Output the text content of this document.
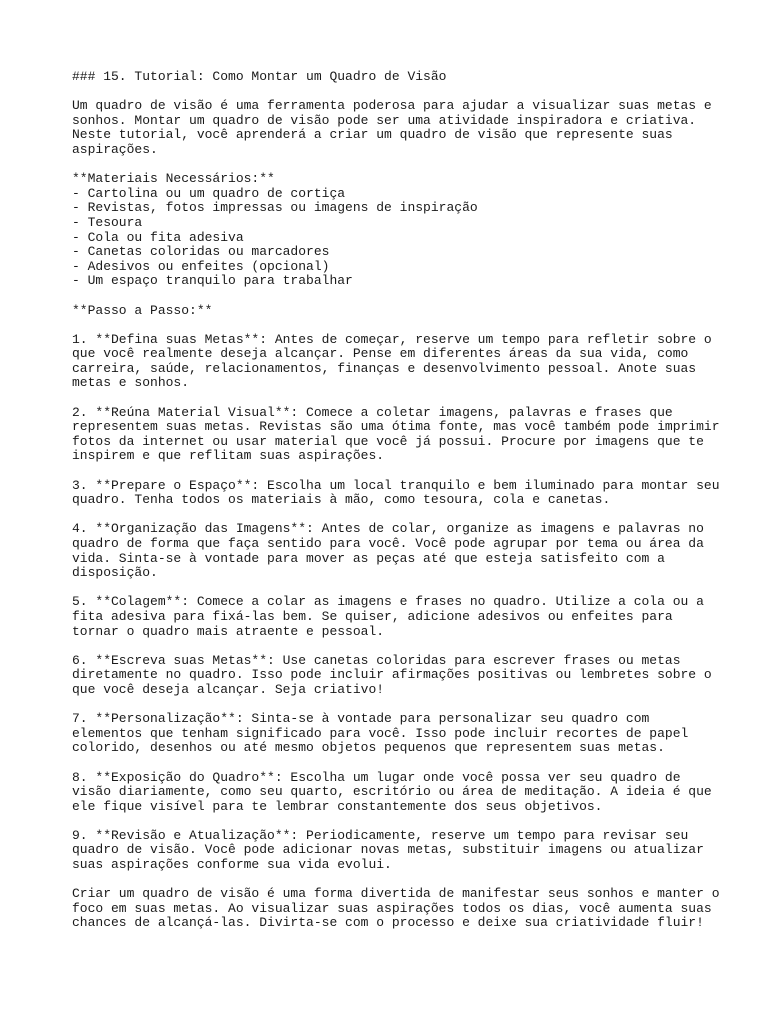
### 15. Tutorial: Como Montar um Quadro de Visão
Um quadro de visão é uma ferramenta poderosa para ajudar a visualizar suas metas e
sonhos. Montar um quadro de visão pode ser uma atividade inspiradora e criativa.
Neste tutorial, você aprenderá a criar um quadro de visão que represente suas
aspirações.
**Materiais Necessários:**
- Cartolina ou um quadro de cortiça
- Revistas, fotos impressas ou imagens de inspiração
- Tesoura
- Cola ou fita adesiva
- Canetas coloridas ou marcadores
- Adesivos ou enfeites (opcional)
- Um espaço tranquilo para trabalhar
**Passo a Passo:**
1. **Defina suas Metas**: Antes de começar, reserve um tempo para refletir sobre o
que você realmente deseja alcançar. Pense em diferentes áreas da sua vida, como
carreira, saúde, relacionamentos, finanças e desenvolvimento pessoal. Anote suas
metas e sonhos.
2. **Reúna Material Visual**: Comece a coletar imagens, palavras e frases que
representem suas metas. Revistas são uma ótima fonte, mas você também pode imprimir
fotos da internet ou usar material que você já possui. Procure por imagens que te
inspirem e que reflitam suas aspirações.
3. **Prepare o Espaço**: Escolha um local tranquilo e bem iluminado para montar seu
quadro. Tenha todos os materiais à mão, como tesoura, cola e canetas.
4. **Organização das Imagens**: Antes de colar, organize as imagens e palavras no
quadro de forma que faça sentido para você. Você pode agrupar por tema ou área da
vida. Sinta-se à vontade para mover as peças até que esteja satisfeito com a
disposição.
5. **Colagem**: Comece a colar as imagens e frases no quadro. Utilize a cola ou a
fita adesiva para fixá-las bem. Se quiser, adicione adesivos ou enfeites para
tornar o quadro mais atraente e pessoal.
6. **Escreva suas Metas**: Use canetas coloridas para escrever frases ou metas
diretamente no quadro. Isso pode incluir afirmações positivas ou lembretes sobre o
que você deseja alcançar. Seja criativo!
7. **Personalização**: Sinta-se à vontade para personalizar seu quadro com
elementos que tenham significado para você. Isso pode incluir recortes de papel
colorido, desenhos ou até mesmo objetos pequenos que representem suas metas.
8. **Exposição do Quadro**: Escolha um lugar onde você possa ver seu quadro de
visão diariamente, como seu quarto, escritório ou área de meditação. A ideia é que
ele fique visível para te lembrar constantemente dos seus objetivos.
9. **Revisão e Atualização**: Periodicamente, reserve um tempo para revisar seu
quadro de visão. Você pode adicionar novas metas, substituir imagens ou atualizar
suas aspirações conforme sua vida evolui.
Criar um quadro de visão é uma forma divertida de manifestar seus sonhos e manter o
foco em suas metas. Ao visualizar suas aspirações todos os dias, você aumenta suas
chances de alcançá-las. Divirta-se com o processo e deixe sua criatividade fluir!
